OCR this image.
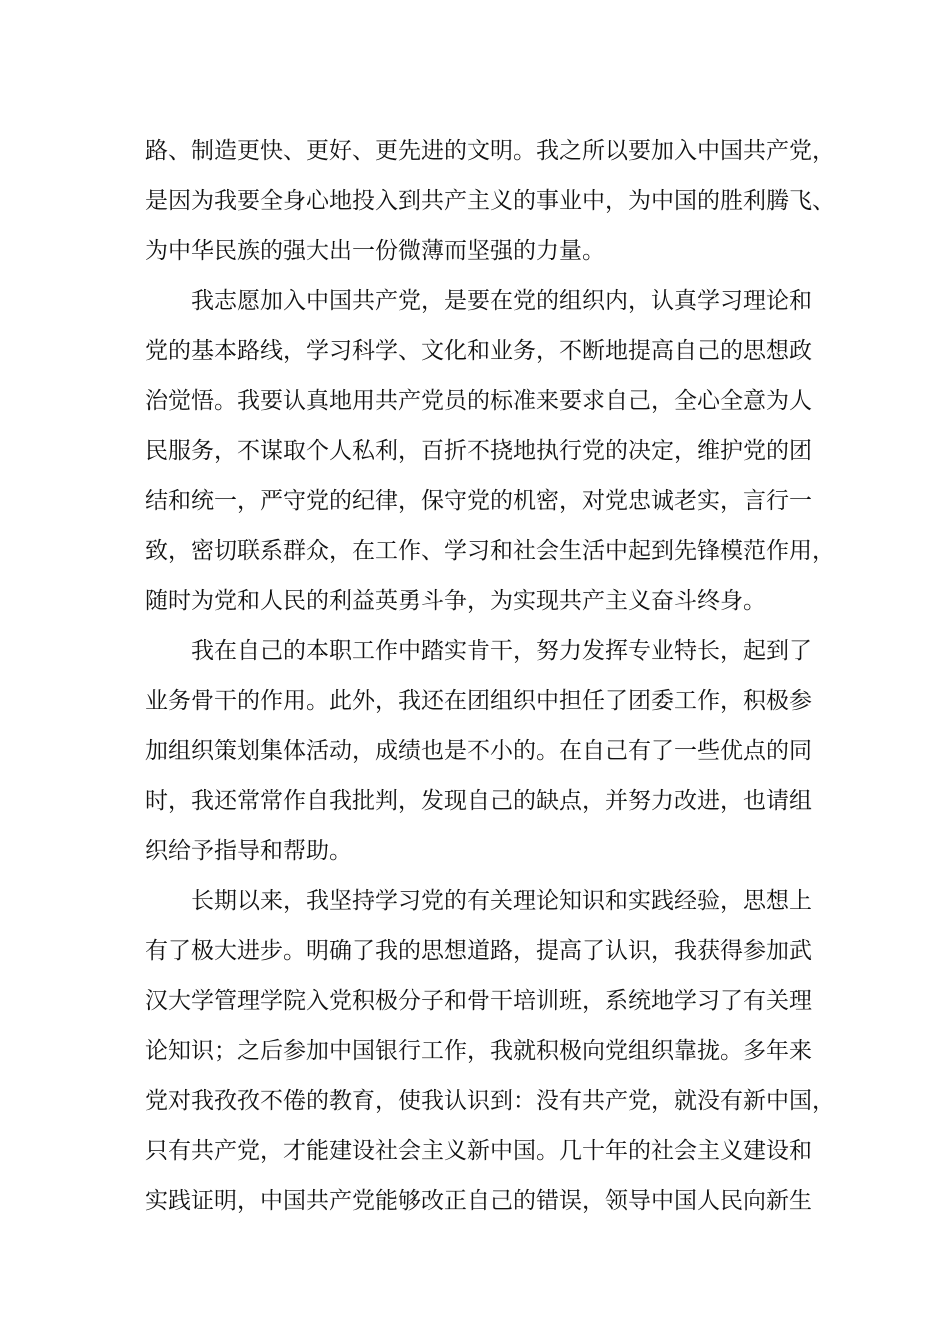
路、制造更快、更好、更先进的文明。我之所以要加入中国共产党，
是因为我要全身心地投入到共产主义的事业中，为中国的胜利腾飞、
为中华民族的强大出一份微薄而坚强的力量。
我志愿加入中国共产党，是要在党的组织内，认真学习理论和
党的基本路线，学习科学、文化和业务，不断地提高自己的思想政
治觉悟。我要认真地用共产党员的标准来要求自己，全心全意为人
民服务，不谋取个人私利，百折不挠地执行党的决定，维护党的团
结和统一，严守党的纪律，保守党的机密，对党忠诚老实，言行一
致，密切联系群众，在工作、学习和社会生活中起到先锋模范作用，
随时为党和人民的利益英勇斗争，为实现共产主义奋斗终身。
我在自己的本职工作中踏实肯干，努力发挥专业特长，起到了
业务骨干的作用。此外，我还在团组织中担任了团委工作，积极参
加组织策划集体活动，成绩也是不小的。在自己有了一些优点的同
时，我还常常作自我批判，发现自己的缺点，并努力改进，也请组
织给予指导和帮助。
长期以来，我坚持学习党的有关理论知识和实践经验，思想上
有了极大进步。明确了我的思想道路，提高了认识，我获得参加武
汉大学管理学院入党积极分子和骨干培训班，系统地学习了有关理
论知识；之后参加中国银行工作，我就积极向党组织靠拢。多年来
党对我孜孜不倦的教育，使我认识到：没有共产党，就没有新中国，
只有共产党，才能建设社会主义新中国。几十年的社会主义建设和
实践证明，中国共产党能够改正自己的错误，领导中国人民向新生
